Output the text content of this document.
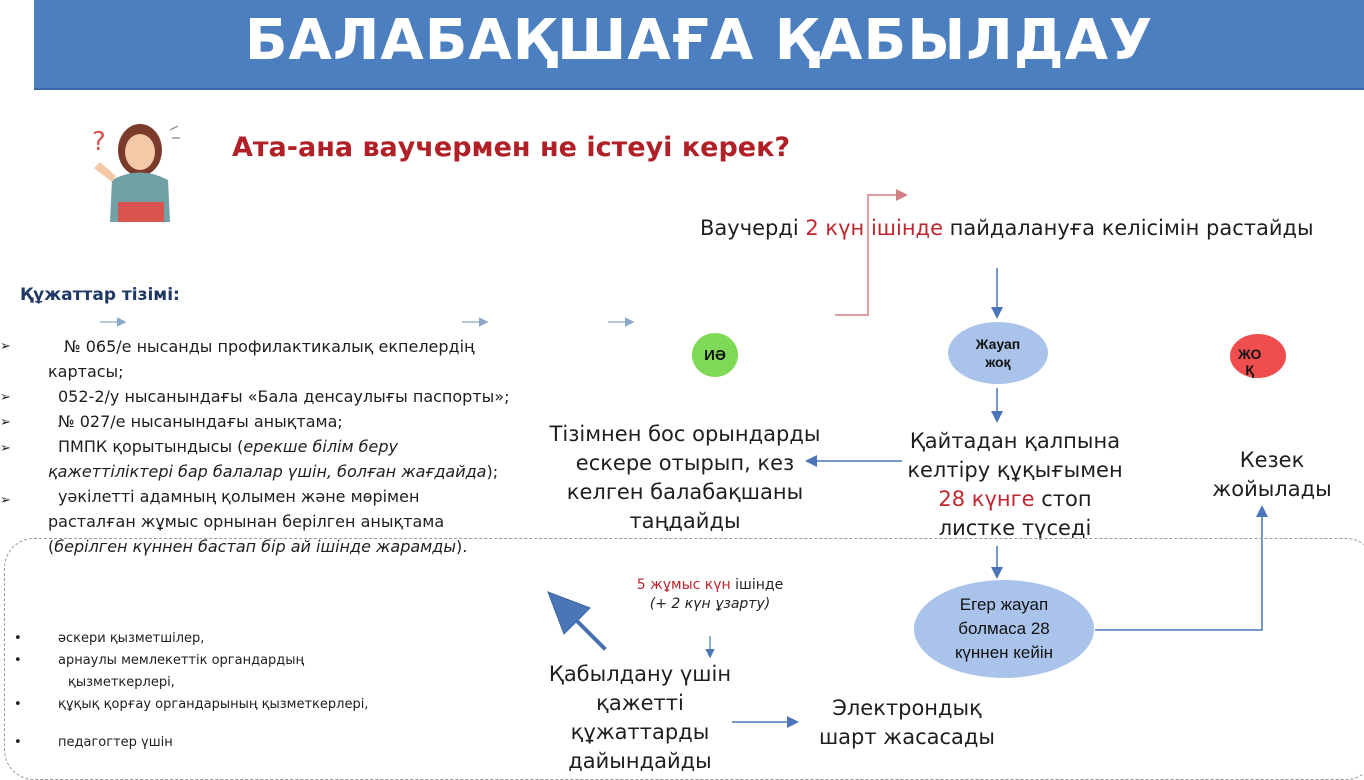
БАЛАБАҚШАҒА ҚАБЫЛДАУ
?	Ата-ана ваучермен не істеуі керек?
Ваучерді 2 күн ішінде пайдалануға келісімін растайды
ИӘ
Жауап
жоқ	ЖО
Қ
Егер жауап
болмаса 28
күннен кейін
Тізімнен бос орындарды
ескере отырып, кез
келген балабақшаны
таңдайды
Қайтадан қалпына
келтіру құқығымен
28 күнге стоп
листке түседі
Кезек
жойылады
Құжаттар тізімі:
➢
➢
➢
➢
➢
№ 065/е нысанды профилактикалық екпелердің
картасы;
052-2/у нысанындағы «Бала денсаулығы паспорты»;
№ 027/е нысанындағы анықтама;
ПМПК қорытындысы (ерекше білім беру
қажеттіліктері бар балалар үшін, болған жағдайда);
уәкілетті адамның қолымен және мөрімен
расталған жұмыс орнынан берілген анықтама
(берілген күннен бастап бір ай ішінде жарамды).
•	әскери қызметшілер,
•	арнаулы мемлекеттік органдардың
қызметкерлері,
•	құқық қорғау органдарының қызметкерлері,
•	педагогтер үшін
5 жұмыс күн ішінде
(+ 2 күн ұзарту)
Қабылдану үшін
қажетті
құжаттарды
дайындайды
Электрондық
шарт жасасады
